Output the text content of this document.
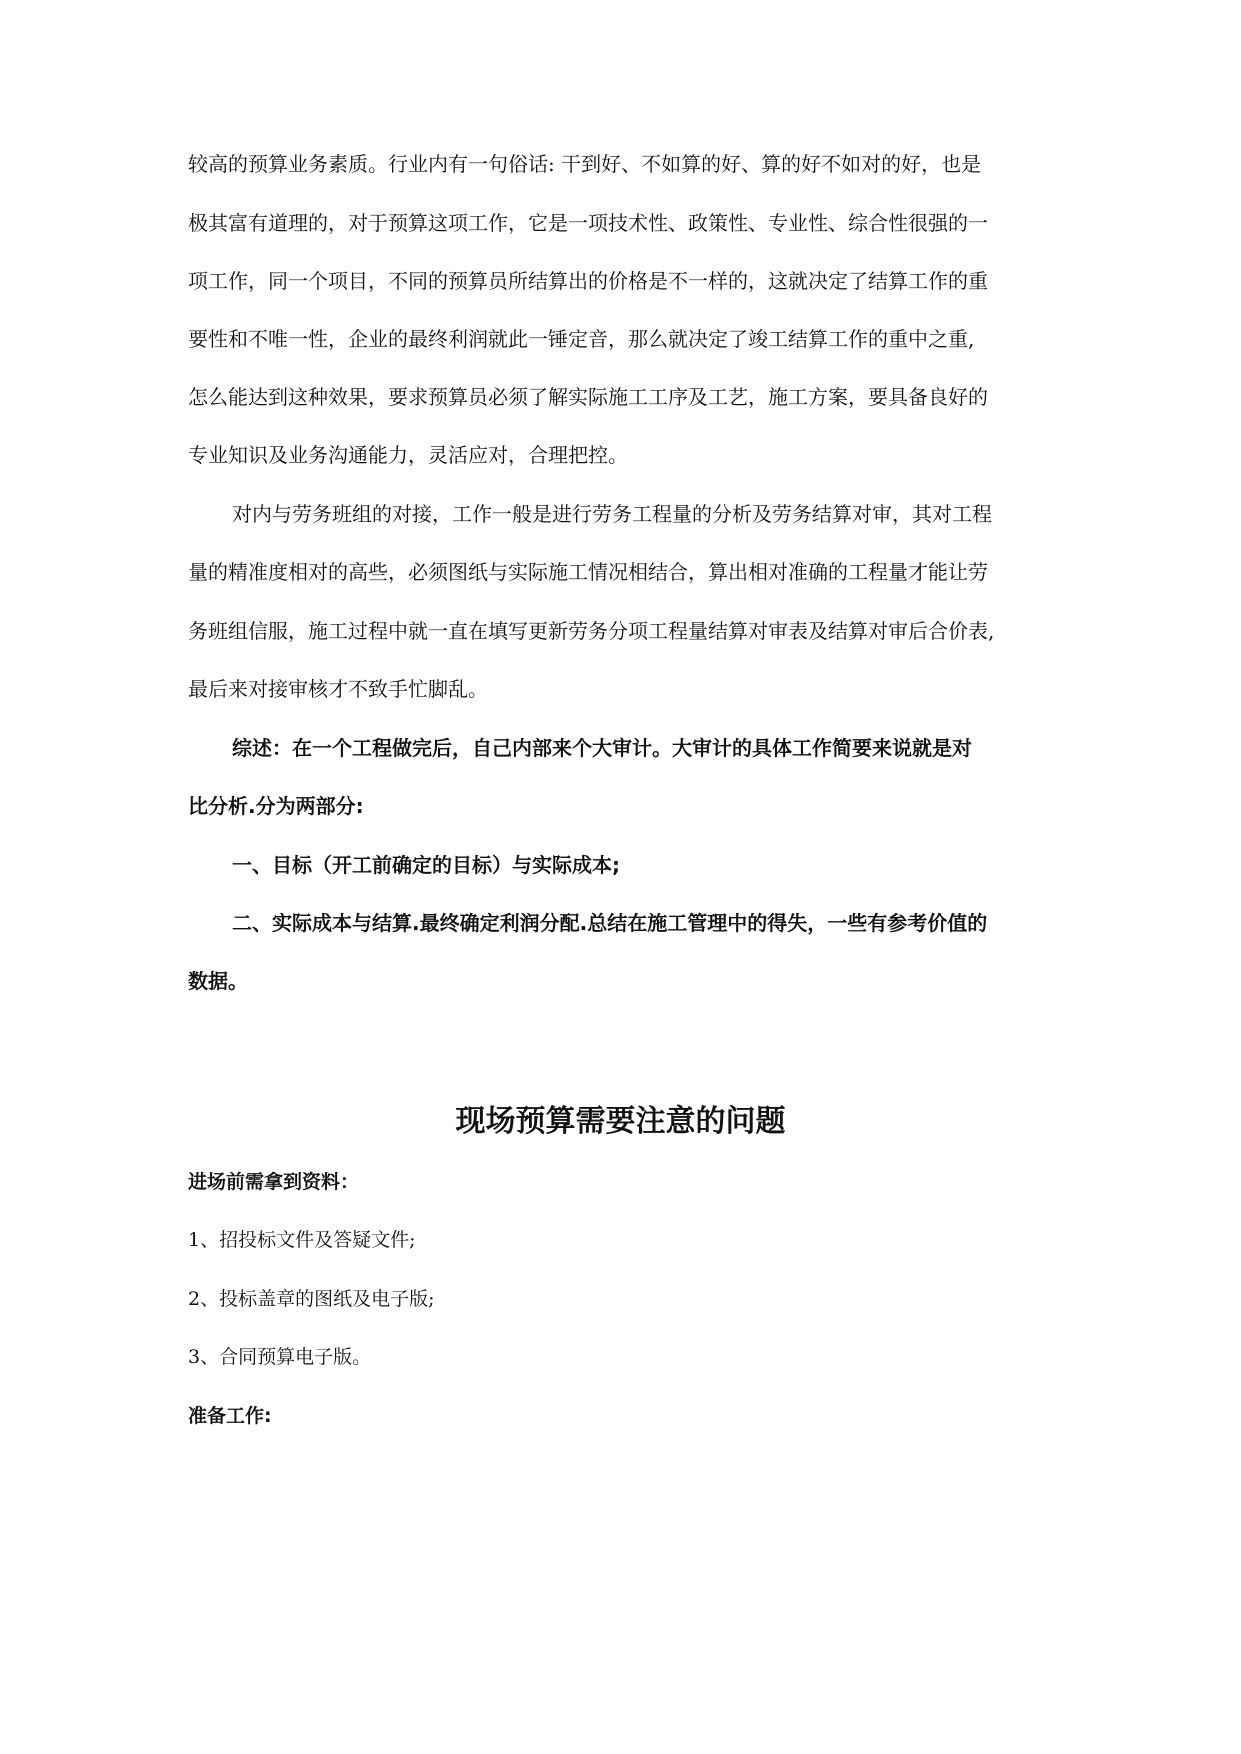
较高的预算业务素质。行业内有一句俗话: 干到好、不如算的好、算的好不如对的好，也是
极其富有道理的，对于预算这项工作，它是一项技术性、政策性、专业性、综合性很强的一
项工作，同一个项目，不同的预算员所结算出的价格是不一样的，这就决定了结算工作的重
要性和不唯一性，企业的最终利润就此一锤定音，那么就决定了竣工结算工作的重中之重,
怎么能达到这种效果，要求预算员必须了解实际施工工序及工艺，施工方案，要具备良好的
专业知识及业务沟通能力，灵活应对，合理把控。
对内与劳务班组的对接，工作一般是进行劳务工程量的分析及劳务结算对审，其对工程
量的精准度相对的高些，必须图纸与实际施工情况相结合，算出相对准确的工程量才能让劳
务班组信服，施工过程中就一直在填写更新劳务分项工程量结算对审表及结算对审后合价表,
最后来对接审核才不致手忙脚乱。
综述：在一个工程做完后，自己内部来个大审计。大审计的具体工作简要来说就是对
比分析.分为两部分:
一、目标（开工前确定的目标）与实际成本;
二、实际成本与结算.最终确定利润分配.总结在施工管理中的得失，一些有参考价值的
数据。
现场预算需要注意的问题
进场前需拿到资料：
1、招投标文件及答疑文件;
2、投标盖章的图纸及电子版;
3、合同预算电子版。
准备工作:
